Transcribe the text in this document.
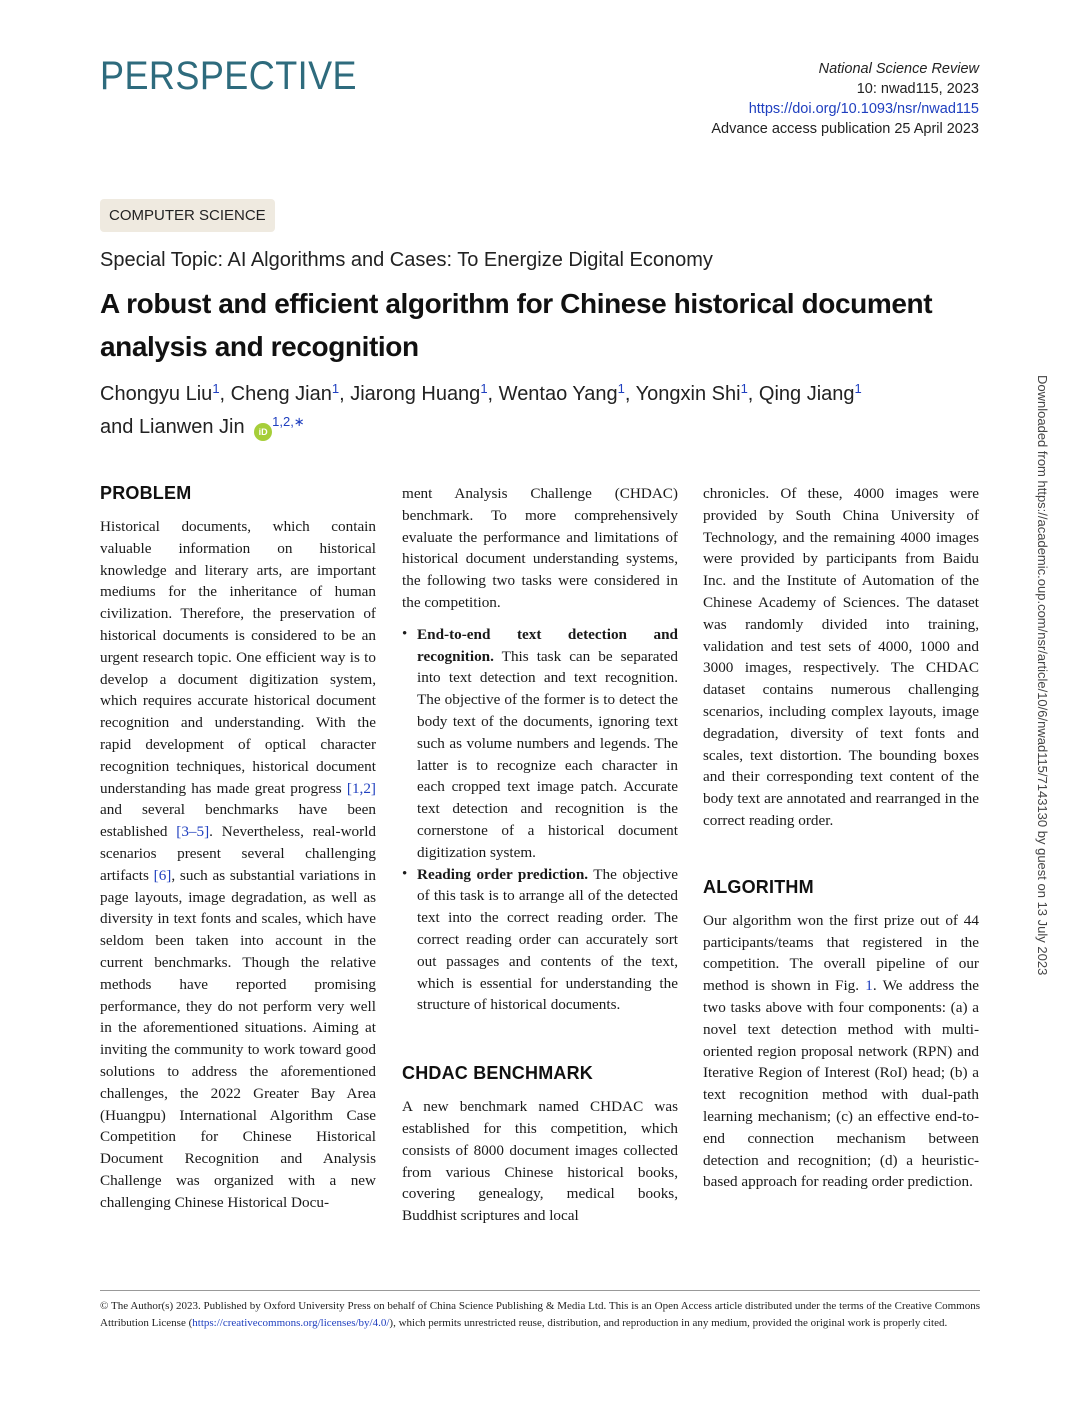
PERSPECTIVE	National Science Review
10: nwad115, 2023
https://doi.org/10.1093/nsr/nwad115
Advance access publication 25 April 2023
COMPUTER SCIENCE
Special Topic: AI Algorithms and Cases: To Energize Digital Economy
A robust and efficient algorithm for Chinese historical document analysis and recognition
Chongyu Liu$^1$, Cheng Jian$^1$, Jiarong Huang$^1$, Wentao Yang$^1$, Yongxin Shi$^1$, Qing Jiang$^1$
and Lianwen Jin $iD^{1,2,∗}$
PROBLEM

Historical documents, which contain valuable information on historical knowledge and literary arts, are important mediums for the inheritance of human civilization. Therefore, the preservation of historical documents is considered to be an urgent research topic. One efficient way is to develop a document digitization system, which requires accurate historical document recognition and understanding. With the rapid development of optical character recognition techniques, historical document understanding has made great progress [1,2] and several benchmarks have been established [3–5]. Nevertheless, real-world scenarios present several challenging artifacts [6], such as substantial variations in page layouts, image degradation, as well as diversity in text fonts and scales, which have seldom been taken into account in the current benchmarks. Though the relative methods have reported promising performance, they do not perform very well in the aforementioned situations. Aiming at inviting the community to work toward good solutions to address the aforementioned challenges, the 2022 Greater Bay Area (Huangpu) International Algorithm Case Competition for Chinese Historical Document Recognition and Analysis Challenge was organized with a new challenging Chinese Historical Docu-

ment Analysis Challenge (CHDAC) benchmark. To more comprehensively evaluate the performance and limitations of historical document understanding systems, the following two tasks were considered in the competition.

• End-to-end text detection and recognition. This task can be separated into text detection and text recognition. The objective of the former is to detect the body text of the documents, ignoring text such as volume numbers and legends. The latter is to recognize each character in each cropped text image patch. Accurate text detection and recognition is the cornerstone of a historical document digitization system.
• Reading order prediction. The objective of this task is to arrange all of the detected text into the correct reading order. The correct reading order can accurately sort out passages and contents of the text, which is essential for understanding the structure of historical documents.
CHDAC BENCHMARK

A new benchmark named CHDAC was established for this competition, which consists of 8000 document images collected from various Chinese historical books, covering genealogy, medical books, Buddhist scriptures and local

chronicles. Of these, 4000 images were provided by South China University of Technology, and the remaining 4000 images were provided by participants from Baidu Inc. and the Institute of Automation of the Chinese Academy of Sciences. The dataset was randomly divided into training, validation and test sets of 4000, 1000 and 3000 images, respectively. The CHDAC dataset contains numerous challenging scenarios, including complex layouts, image degradation, diversity of text fonts and scales, text distortion. The bounding boxes and their corresponding text content of the body text are annotated and rearranged in the correct reading order.

ALGORITHM

Our algorithm won the first prize out of 44 participants/teams that registered in the competition. The overall pipeline of our method is shown in Fig. 1. We address the two tasks above with four components: (a) a novel text detection method with multi-oriented region proposal network (RPN) and Iterative Region of Interest (RoI) head; (b) a text recognition method with dual-path learning mechanism; (c) an effective end-to-end connection mechanism between detection and recognition; (d) a heuristic-based approach for reading order prediction.

Downloaded from https://academic.oup.com/nsr/article/10/6/nwad115/7143130 by guest on 13 July 2023
© The Author(s) 2023. Published by Oxford University Press on behalf of China Science Publishing & Media Ltd. This is an Open Access article distributed under the terms of the Creative Commons Attribution License (https://creativecommons.org/licenses/by/4.0/), which permits unrestricted reuse, distribution, and reproduction in any medium, provided the original work is properly cited.
